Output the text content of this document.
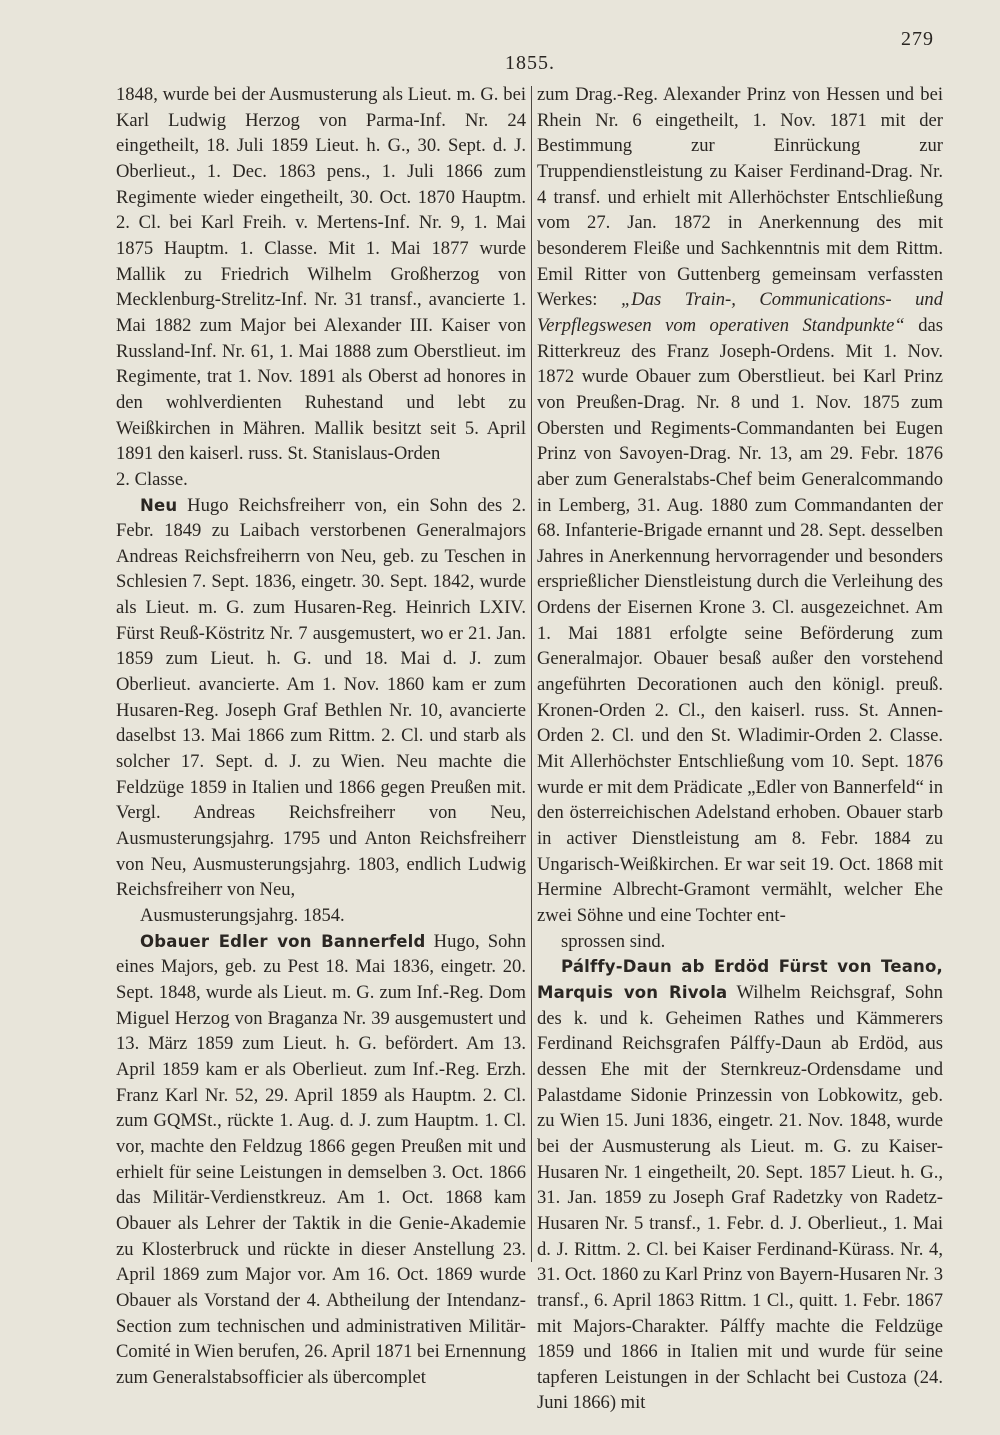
1855.
279

1848, wurde bei der Ausmusterung als Lieut. m. G. bei Karl Ludwig Herzog von Parma-Inf. Nr. 24 eingetheilt, 18. Juli 1859 Lieut. h. G., 30. Sept. d. J. Oberlieut., 1. Dec. 1863 pens., 1. Juli 1866 zum Regimente wieder eingetheilt, 30. Oct. 1870 Hauptm. 2. Cl. bei Karl Freih. v. Mertens-Inf. Nr. 9, 1. Mai 1875 Hauptm. 1. Classe. Mit 1. Mai 1877 wurde Mallik zu Friedrich Wilhelm Großherzog von Mecklenburg-Strelitz-Inf. Nr. 31 transf., avancierte 1. Mai 1882 zum Major bei Alexander III. Kaiser von Russland-Inf. Nr. 61, 1. Mai 1888 zum Oberstlieut. im Regimente, trat 1. Nov. 1891 als Oberst ad honores in den wohlverdienten Ruhestand und lebt zu Weißkirchen in Mähren. Mallik besitzt seit 5. April 1891 den kaiserl. russ. St. Stanislaus-Orden
2. Classe.

Neu Hugo Reichsfreiherr von, ein Sohn des 2. Febr. 1849 zu Laibach verstorbenen Generalmajors Andreas Reichsfreiherrn von Neu, geb. zu Teschen in Schlesien 7. Sept. 1836, eingetr. 30. Sept. 1842, wurde als Lieut. m. G. zum Husaren-Reg. Heinrich LXIV. Fürst Reuß-Köstritz Nr. 7 ausgemustert, wo er 21. Jan. 1859 zum Lieut. h. G. und 18. Mai d. J. zum Oberlieut. avancierte. Am 1. Nov. 1860 kam er zum Husaren-Reg. Joseph Graf Bethlen Nr. 10, avancierte daselbst 13. Mai 1866 zum Rittm. 2. Cl. und starb als solcher 17. Sept. d. J. zu Wien. Neu machte die Feldzüge 1859 in Italien und 1866 gegen Preußen mit. Vergl. Andreas Reichsfreiherr von Neu, Ausmusterungsjahrg. 1795 und Anton Reichsfreiherr von Neu, Ausmusterungsjahrg. 1803, endlich Ludwig Reichsfreiherr von Neu,
Ausmusterungsjahrg. 1854.

Obauer Edler von Bannerfeld Hugo, Sohn eines Majors, geb. zu Pest 18. Mai 1836, eingetr. 20. Sept. 1848, wurde als Lieut. m. G. zum Inf.-Reg. Dom Miguel Herzog von Braganza Nr. 39 ausgemustert und 13. März 1859 zum Lieut. h. G. befördert. Am 13. April 1859 kam er als Oberlieut. zum Inf.-Reg. Erzh. Franz Karl Nr. 52, 29. April 1859 als Hauptm. 2. Cl. zum GQMSt., rückte 1. Aug. d. J. zum Hauptm. 1. Cl. vor, machte den Feldzug 1866 gegen Preußen mit und erhielt für seine Leistungen in demselben 3. Oct. 1866 das Militär-Verdienstkreuz. Am 1. Oct. 1868 kam Obauer als Lehrer der Taktik in die Genie-Akademie zu Klosterbruck und rückte in dieser Anstellung 23. April 1869 zum Major vor. Am 16. Oct. 1869 wurde Obauer als Vorstand der 4. Abtheilung der Intendanz-Section zum technischen und administrativen Militär-Comité in Wien berufen, 26. April 1871 bei Ernennung zum Generalstabsofficier als übercomplet

zum Drag.-Reg. Alexander Prinz von Hessen und bei Rhein Nr. 6 eingetheilt, 1. Nov. 1871 mit der Bestimmung zur Einrückung zur Truppendienstleistung zu Kaiser Ferdinand-Drag. Nr. 4 transf. und erhielt mit Allerhöchster Entschließung vom 27. Jan. 1872 in Anerkennung des mit besonderem Fleiße und Sachkenntnis mit dem Rittm. Emil Ritter von Guttenberg gemeinsam verfassten Werkes: „Das Train-, Communications- und Verpflegswesen vom operativen Standpunkte“ das Ritterkreuz des Franz Joseph-Ordens. Mit 1. Nov. 1872 wurde Obauer zum Oberstlieut. bei Karl Prinz von Preußen-Drag. Nr. 8 und 1. Nov. 1875 zum Obersten und Regiments-Commandanten bei Eugen Prinz von Savoyen-Drag. Nr. 13, am 29. Febr. 1876 aber zum Generalstabs-Chef beim Generalcommando in Lemberg, 31. Aug. 1880 zum Commandanten der 68. Infanterie-Brigade ernannt und 28. Sept. desselben Jahres in Anerkennung hervorragender und besonders ersprießlicher Dienstleistung durch die Verleihung des Ordens der Eisernen Krone 3. Cl. ausgezeichnet. Am 1. Mai 1881 erfolgte seine Beförderung zum Generalmajor. Obauer besaß außer den vorstehend angeführten Decorationen auch den königl. preuß. Kronen-Orden 2. Cl., den kaiserl. russ. St. Annen-Orden 2. Cl. und den St. Wladimir-Orden 2. Classe. Mit Allerhöchster Entschließung vom 10. Sept. 1876 wurde er mit dem Prädicate „Edler von Bannerfeld“ in den österreichischen Adelstand erhoben. Obauer starb in activer Dienstleistung am 8. Febr. 1884 zu Ungarisch-Weißkirchen. Er war seit 19. Oct. 1868 mit Hermine Albrecht-Gramont vermählt, welcher Ehe zwei Söhne und eine Tochter ent-
sprossen sind.

Pálffy-Daun ab Erdöd Fürst von Teano, Marquis von Rivola Wilhelm Reichsgraf, Sohn des k. und k. Geheimen Rathes und Kämmerers Ferdinand Reichsgrafen Pálffy-Daun ab Erdöd, aus dessen Ehe mit der Sternkreuz-Ordensdame und Palastdame Sidonie Prinzessin von Lobkowitz, geb. zu Wien 15. Juni 1836, eingetr. 21. Nov. 1848, wurde bei der Ausmusterung als Lieut. m. G. zu Kaiser-Husaren Nr. 1 eingetheilt, 20. Sept. 1857 Lieut. h. G., 31. Jan. 1859 zu Joseph Graf Radetzky von Radetz-Husaren Nr. 5 transf., 1. Febr. d. J. Oberlieut., 1. Mai d. J. Rittm. 2. Cl. bei Kaiser Ferdinand-Kürass. Nr. 4, 31. Oct. 1860 zu Karl Prinz von Bayern-Husaren Nr. 3 transf., 6. April 1863 Rittm. 1 Cl., quitt. 1. Febr. 1867 mit Majors-Charakter. Pálffy machte die Feldzüge 1859 und 1866 in Italien mit und wurde für seine tapferen Leistungen in der Schlacht bei Custoza (24. Juni 1866) mit
